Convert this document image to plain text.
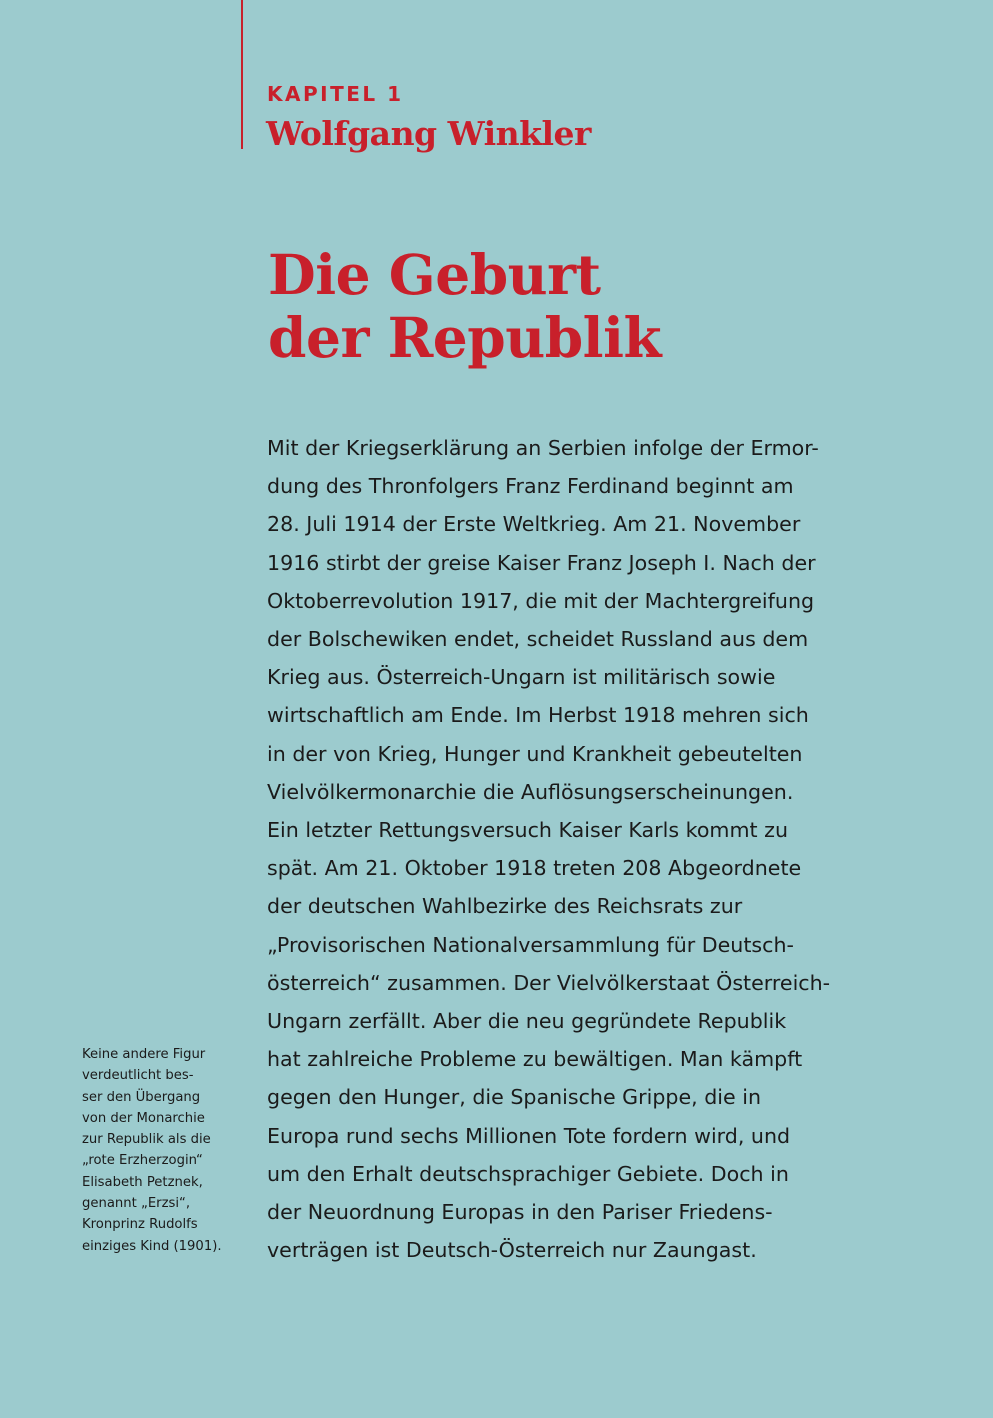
KAPITEL 1
Wolfgang Winkler
Die Geburt
der Republik
Mit der Kriegserklärung an Serbien infolge der Ermor-
dung des Thronfolgers Franz Ferdinand beginnt am
28. Juli 1914 der Erste Weltkrieg. Am 21. November
1916 stirbt der greise Kaiser Franz Joseph I. Nach der
Oktoberrevolution 1917, die mit der Machtergreifung
der Bolschewiken endet, scheidet Russland aus dem
Krieg aus. Österreich-Ungarn ist militärisch sowie
wirtschaftlich am Ende. Im Herbst 1918 mehren sich
in der von Krieg, Hunger und Krankheit gebeutelten
Vielvölkermonarchie die Auflösungserscheinungen.
Ein letzter Rettungsversuch Kaiser Karls kommt zu
spät. Am 21. Oktober 1918 treten 208 Abgeordnete
der deutschen Wahlbezirke des Reichsrats zur
„Provisorischen Nationalversammlung für Deutsch-
österreich“ zusammen. Der Vielvölkerstaat Österreich-
Ungarn zerfällt. Aber die neu gegründete Republik
hat zahlreiche Probleme zu bewältigen. Man kämpft
gegen den Hunger, die Spanische Grippe, die in
Europa rund sechs Millionen Tote fordern wird, und
um den Erhalt deutschsprachiger Gebiete. Doch in
der Neuordnung Europas in den Pariser Friedens-
verträgen ist Deutsch-Österreich nur Zaungast.
Keine andere Figur
verdeutlicht bes-
ser den Übergang
von der Monarchie
zur Republik als die
„rote Erzherzogin“
Elisabeth Petznek,
genannt „Erzsi“,
Kronprinz Rudolfs
einziges Kind (1901).
